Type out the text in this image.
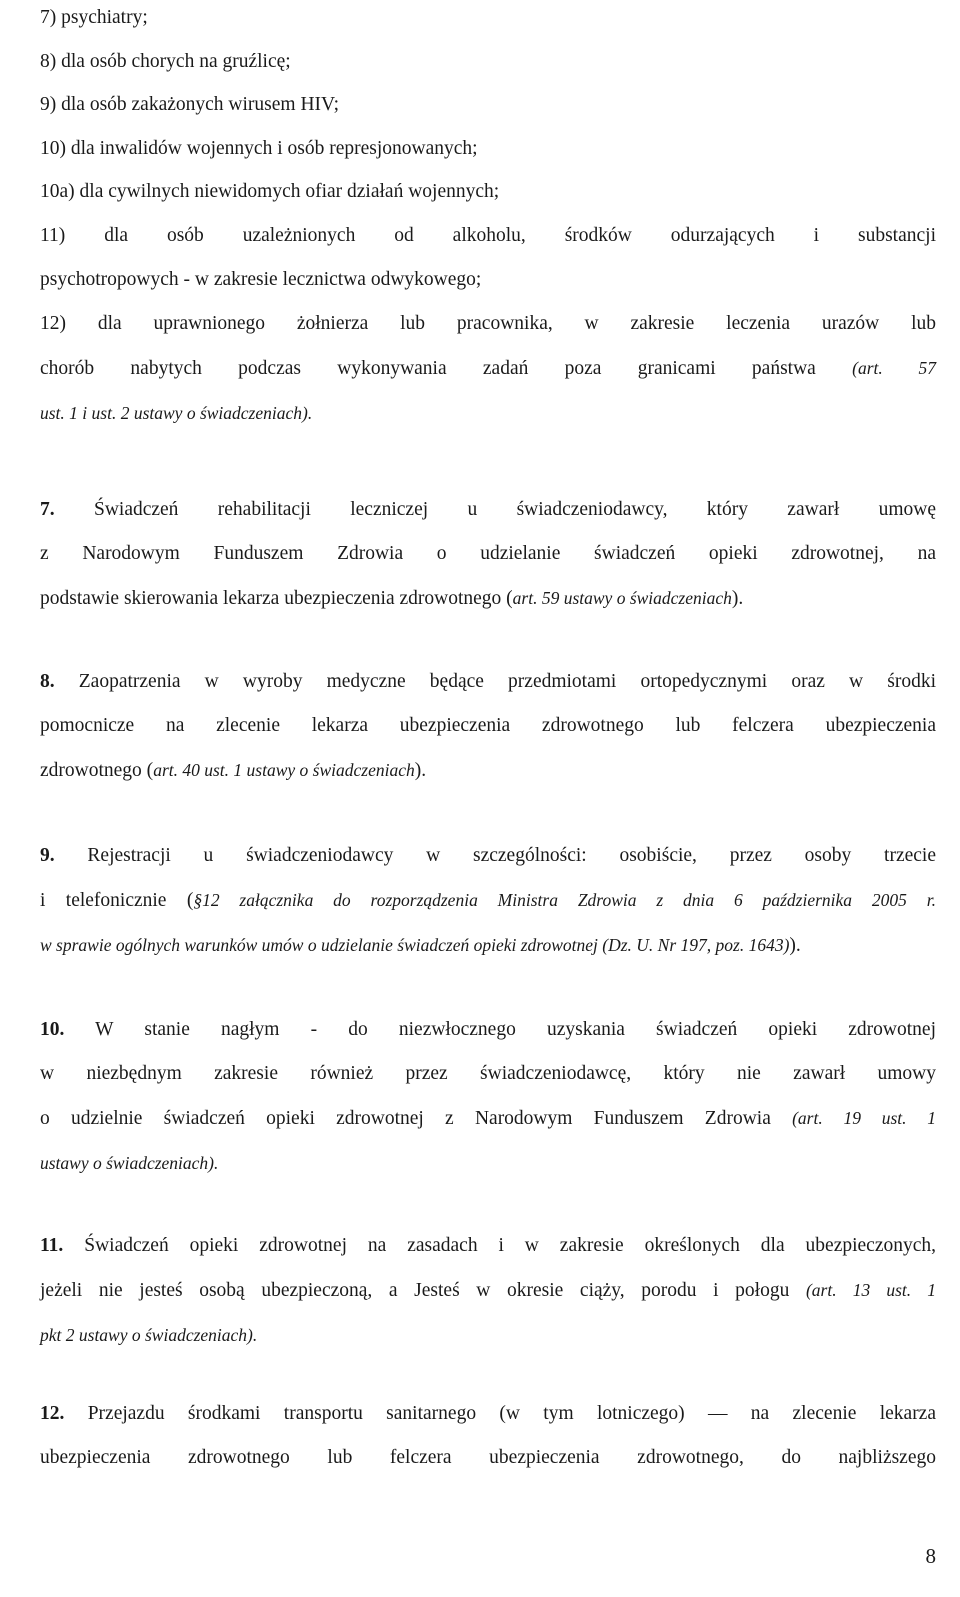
7) psychiatry;
8) dla osób chorych na gruźlicę;
9) dla osób zakażonych wirusem HIV;
10) dla inwalidów wojennych i osób represjonowanych;
10a) dla cywilnych niewidomych ofiar działań wojennych;
11) dla osób uzależnionych od alkoholu, środków odurzających i substancji
psychotropowych - w zakresie lecznictwa odwykowego;
12) dla uprawnionego żołnierza lub pracownika, w zakresie leczenia urazów lub
chorób nabytych podczas wykonywania zadań poza granicami państwa (art. 57
ust. 1 i ust. 2 ustawy o świadczeniach).
7. Świadczeń rehabilitacji leczniczej u świadczeniodawcy, który zawarł umowę
z Narodowym Funduszem Zdrowia o udzielanie świadczeń opieki zdrowotnej, na
podstawie skierowania lekarza ubezpieczenia zdrowotnego (art. 59 ustawy o świadczeniach).
8. Zaopatrzenia w wyroby medyczne będące przedmiotami ortopedycznymi oraz w środki
pomocnicze na zlecenie lekarza ubezpieczenia zdrowotnego lub felczera ubezpieczenia
zdrowotnego (art. 40 ust. 1 ustawy o świadczeniach).
9. Rejestracji u świadczeniodawcy w szczególności: osobiście, przez osoby trzecie
i telefonicznie (§12 załącznika do rozporządzenia Ministra Zdrowia z dnia 6 października 2005 r.
w sprawie ogólnych warunków umów o udzielanie świadczeń opieki zdrowotnej (Dz. U. Nr 197, poz. 1643)).
10. W stanie nagłym - do niezwłocznego uzyskania świadczeń opieki zdrowotnej
w niezbędnym zakresie również przez świadczeniodawcę, który nie zawarł umowy
o udzielnie świadczeń opieki zdrowotnej z Narodowym Funduszem Zdrowia (art. 19 ust. 1
ustawy o świadczeniach).
11. Świadczeń opieki zdrowotnej na zasadach i w zakresie określonych dla ubezpieczonych,
jeżeli nie jesteś osobą ubezpieczoną, a Jesteś w okresie ciąży, porodu i połogu (art. 13 ust. 1
pkt 2 ustawy o świadczeniach).
12. Przejazdu środkami transportu sanitarnego (w tym lotniczego) — na zlecenie lekarza
ubezpieczenia zdrowotnego lub felczera ubezpieczenia zdrowotnego, do najbliższego
8
